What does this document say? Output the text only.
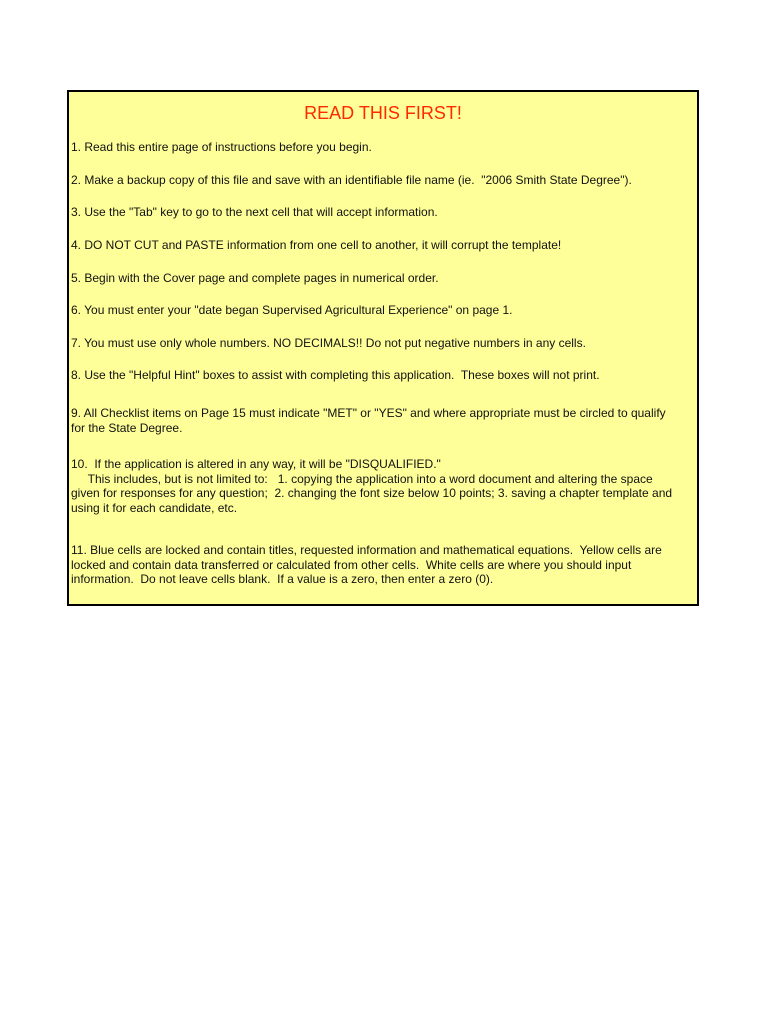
READ THIS FIRST!

1. Read this entire page of instructions before you begin.

2. Make a backup copy of this file and save with an identifiable file name (ie.  "2006 Smith State Degree").

3. Use the "Tab" key to go to the next cell that will accept information.

4. DO NOT CUT and PASTE information from one cell to another, it will corrupt the template!

5. Begin with the Cover page and complete pages in numerical order.

6. You must enter your "date began Supervised Agricultural Experience" on page 1.

7. You must use only whole numbers. NO DECIMALS!! Do not put negative numbers in any cells.

8. Use the "Helpful Hint" boxes to assist with completing this application.  These boxes will not print.

9. All Checklist items on Page 15 must indicate "MET" or "YES" and where appropriate must be circled to qualify
for the State Degree.

10.  If the application is altered in any way, it will be "DISQUALIFIED."
This includes, but is not limited to:   1. copying the application into a word document and altering the space
given for responses for any question;  2. changing the font size below 10 points; 3. saving a chapter template and
using it for each candidate, etc.

11. Blue cells are locked and contain titles, requested information and mathematical equations.  Yellow cells are
locked and contain data transferred or calculated from other cells.  White cells are where you should input
information.  Do not leave cells blank.  If a value is a zero, then enter a zero (0).
